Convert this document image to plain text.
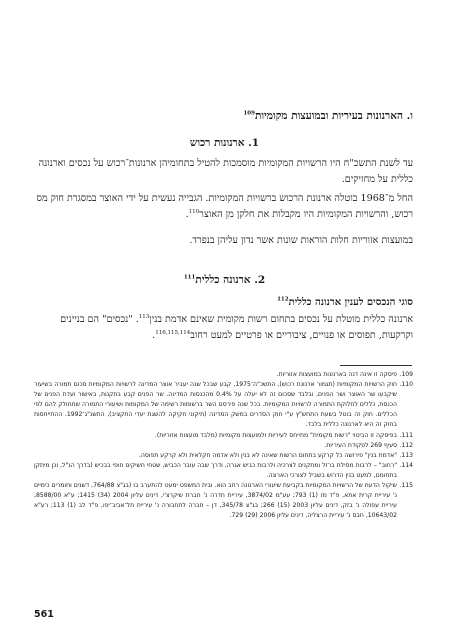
ו. הארנונות בעיריות ובמועצות מקומיות$^{109}$
1. ארנונות רכוש
עד לשנת התשכ"ח היו הרשויות המקומיות מוסמכות להטיל בתחומיהן ארנונות־רכוש על נכסים וארנונה כללית על מחזיקים.
החל מ־1968 בוטלה ארנונת הרכוש ברשויות המקומיות. הגבייה נעשית על ידי האוצר במסגרת חוק מס רכוש, והרשויות המקומיות היו מקבלות את חלקן מן האוצר$^{110}$.
במועצות אזוריות חלות הוראות שונות אשר נדון עליהן בנפרד.
2. ארנונה כללית$^{111}$
סוגי הנכסים לענין ארנונה כללית$^{112}$
ארנונה כללית מוטלת על נכסים בתחום רשות מקומית שאינם אדמת בנין$^{113}$. "נכסים" הם בניינים וקרקעות, תפוסים או פנויים, ציבוריים או פרטיים למעט רחוב$^{116,115,114}$.
109.
פיסקה זו אינה דנה בארנונות במועצות אזוריות.
110.
חוק הרשויות המקומיות (תגמור ארנונת רכוש), התשכ"ה־1975, קבע שבכל שנה יעביר אוצר המדינה לרשויות המקומיות סכום תמורה בשיעור שיקבעו שר האוצר ושר הפנים, ובלבד שסכום זה לא יעלה על 0.4% מהכנסות המדינה. שר הפנים קבע בתקנות, באישור ועדת הפנים של הכנסת, כללים לחלוקת התמורה לרשויות המקומיות. בכל שנה פירסם השר ברשומות רשימה של המקומות ושיעורי התמורה שתחולק להם לפי הכללים. חוק זה בוטל בשעת התחש"ץ ע"י חוק הסדרים במשק המדינה (תיקוני חקיקה להשגת יעדי התקציב), התשנ"ג־1992. ההתייחסות בחוק זה היא לארנונה כללית בלבד.
111.
בפיסקה זו הביטוי "רשות מקומית" מתייחס לעיריות ולמועצות מקומיות (מלבד מועצות אזוריות).
112.
סעיף 269 לפקודת העיריות.
113.
"אדמת בנין" פירושה כל קרקע בתחום הרשות שאינה לא בנין ולא אדמה חקלאית ולא קרקע תפוסה.
114.
"רחוב" – לרבות מסילת ברזל ומתקנים לצרכיה ולרבות כביש אגרה, ודרך שבה עובר הכביש, שטחי חשיקים חופי בבכיש (בדרך הנ"ל, וכן מיתקן בתחומם, למעט בנין הדרוש בשביל לצורכי הארונה.
115.
שיקול הדעת של הרשויות המקומיות בקביעת שיעורי הארנונה רחב הוא. ובית המשפט ימעט להתערב בו (בג"צ 764/88, דשנים וחומרים כימיים נ' עיריית קרית אתא, פ"ד מז (1) 793; עע"מ 3874/02, עיריית חדרה נ' חברת שיקרצ'י, דינים עליון 2004 (34) 1415; ע"א 8588/00, עיריית עפולה נ' בזק, דינים עליון 2003 (15) 266; בג"צ 345/78, דן – חברה לתחבורה נ' עיריית תל־אביב־יפו, פ"ד לב (1) 113; רע"א 10643/02, חבס נ' עיריית הרצליה, דינים עליון 2006 (29) 729.
561
